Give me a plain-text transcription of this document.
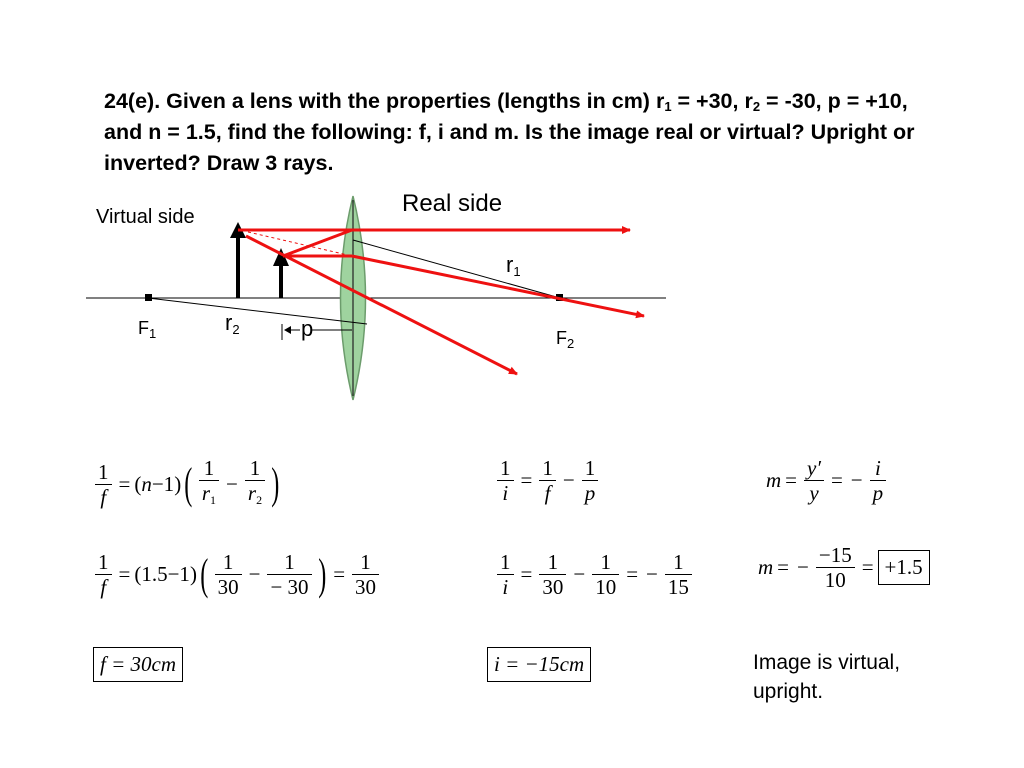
24(e). Given a lens with the properties (lengths in cm) $r_1 = +30$, $r_2 = -30$, p = +10, and n = 1.5, find the following: f, i and m. Is the image real or virtual? Upright or inverted? Draw 3 rays.
Virtual side	Real side
$r_1$
$r_2$
$F_1$	$F_2$
p
$\frac{1}{f}$ = ( n −1 ) ( $\frac{1}{r1} - \frac{1}{r2}$ )
$\frac{1}{f}$ = ( 1.5 −1 ) ( $\frac{1}{30} - \frac{1}{- 30}$ ) = $\frac{1}{30}$
f = 30cm
$\frac{1}{i} = \frac{1}{f} - \frac{1}{p}$
$\frac{1}{i} = \frac{1}{30} - \frac{1}{10}$ = − $\frac{1}{15}$
i = −15cm
$m = \frac{y'}{y}$ = − $\frac{i}{p}$
m = − $\frac{-15}{10} = +1.5$
Image is virtual,
upright.
